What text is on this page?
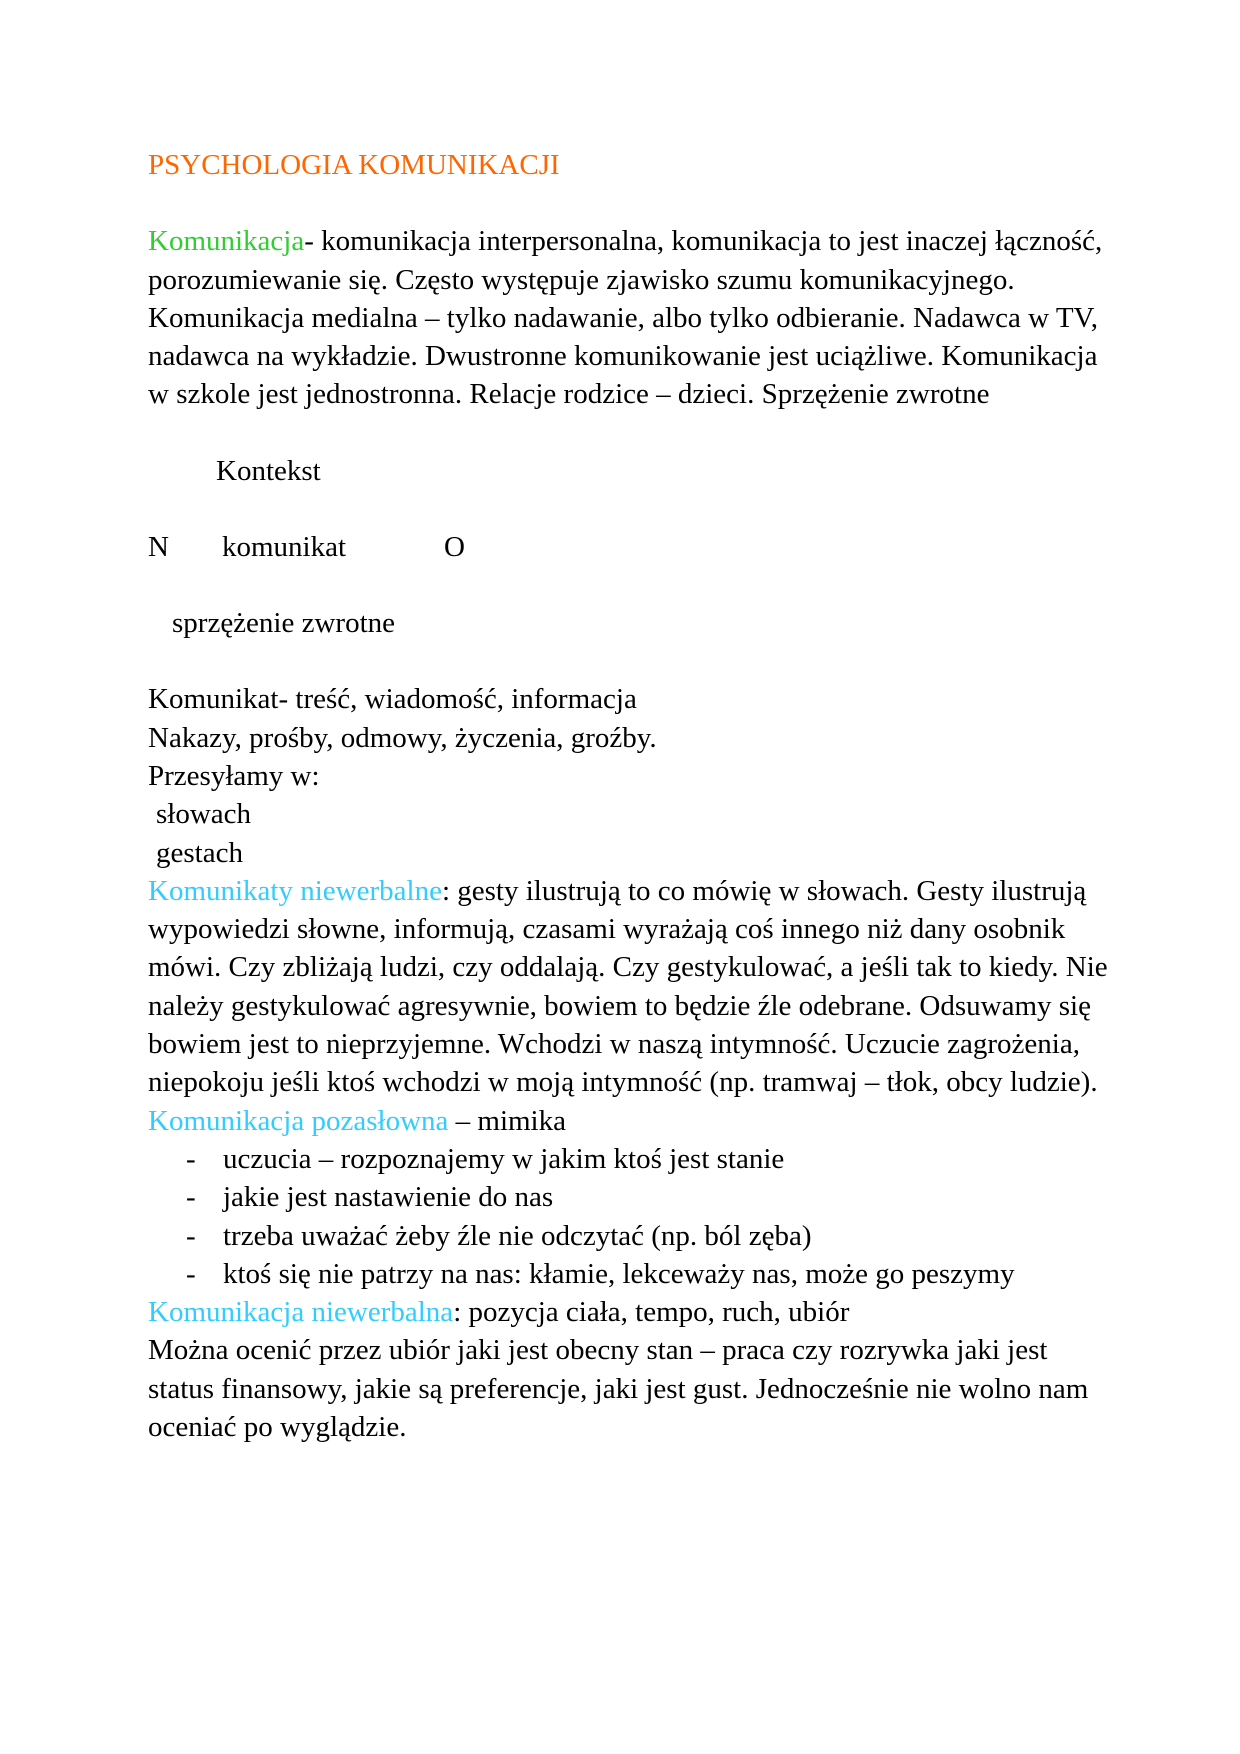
PSYCHOLOGIA KOMUNIKACJI

Komunikacja- komunikacja interpersonalna, komunikacja to jest inaczej łączność, porozumiewanie się. Często występuje zjawisko szumu komunikacyjnego. Komunikacja medialna – tylko nadawanie, albo tylko odbieranie. Nadawca w TV, nadawca na wykładzie. Dwustronne komunikowanie jest uciążliwe. Komunikacja w szkole jest jednostronna. Relacje rodzice – dzieci. Sprzężenie zwrotne

Kontekst

N komunikat	O

sprzężenie zwrotne

Komunikat- treść, wiadomość, informacja

Nakazy, prośby, odmowy, życzenia, groźby.

Przesyłamy w:

słowach

gestach

Komunikaty niewerbalne: gesty ilustrują to co mówię w słowach. Gesty ilustrują wypowiedzi słowne, informują, czasami wyrażają coś innego niż dany osobnik mówi. Czy zbliżają ludzi, czy oddalają. Czy gestykulować, a jeśli tak to kiedy. Nie należy gestykulować agresywnie, bowiem to będzie źle odebrane. Odsuwamy się bowiem jest to nieprzyjemne. Wchodzi w naszą intymność. Uczucie zagrożenia, niepokoju jeśli ktoś wchodzi w moją intymność (np. tramwaj – tłok, obcy ludzie).

Komunikacja pozasłowna – mimika

- uczucia – rozpoznajemy w jakim ktoś jest stanie
- jakie jest nastawienie do nas
- trzeba uważać żeby źle nie odczytać (np. ból zęba)
- ktoś się nie patrzy na nas: kłamie, lekceważy nas, może go peszymy

Komunikacja niewerbalna: pozycja ciała, tempo, ruch, ubiór

Można ocenić przez ubiór jaki jest obecny stan – praca czy rozrywka jaki jest status finansowy, jakie są preferencje, jaki jest gust. Jednocześnie nie wolno nam oceniać po wyglądzie.
